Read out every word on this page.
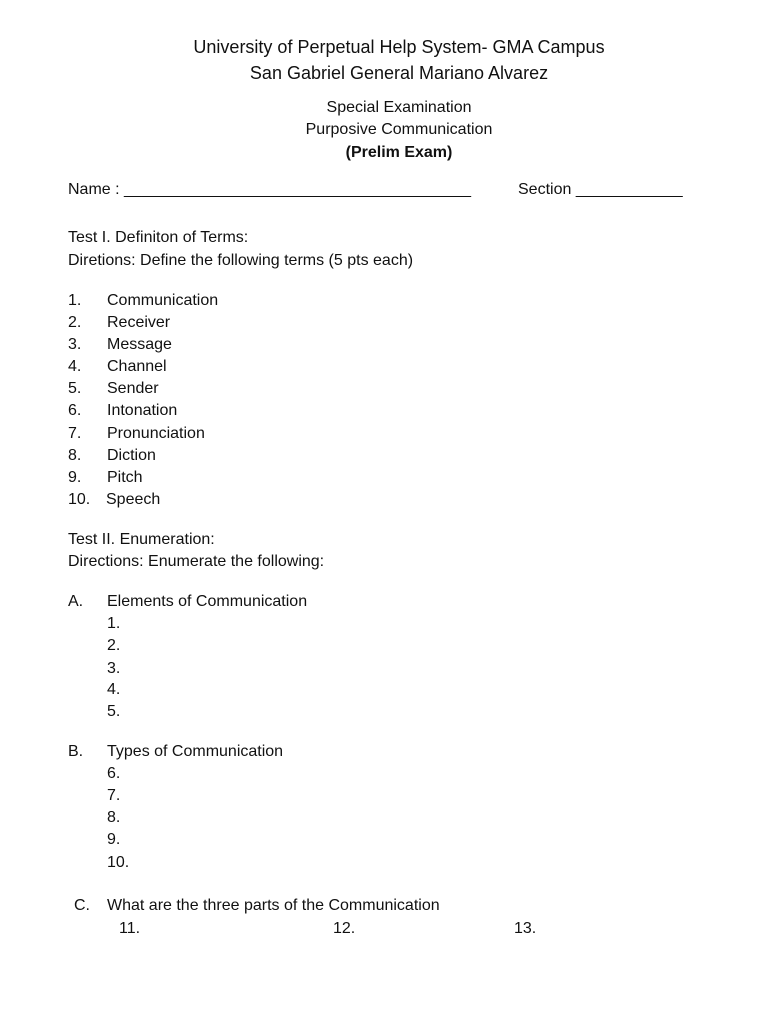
University of Perpetual Help System- GMA Campus
San Gabriel General Mariano Alvarez
Special Examination
Purposive Communication
(Prelim Exam)
Name : _______________________________________	Section ____________
Test I. Definiton of Terms:
Diretions: Define the following terms (5 pts each)
1. Communication
2. Receiver
3. Message
4. Channel
5. Sender
6. Intonation
7. Pronunciation
8. Diction
9. Pitch
10. Speech
Test II. Enumeration:
Directions: Enumerate the following:
A. Elements of Communication
1.
2.
3.
4.
5.
B. Types of Communication
6.
7.
8.
9.
10.
C. What are the three parts of the Communication
11.	12.	13.
